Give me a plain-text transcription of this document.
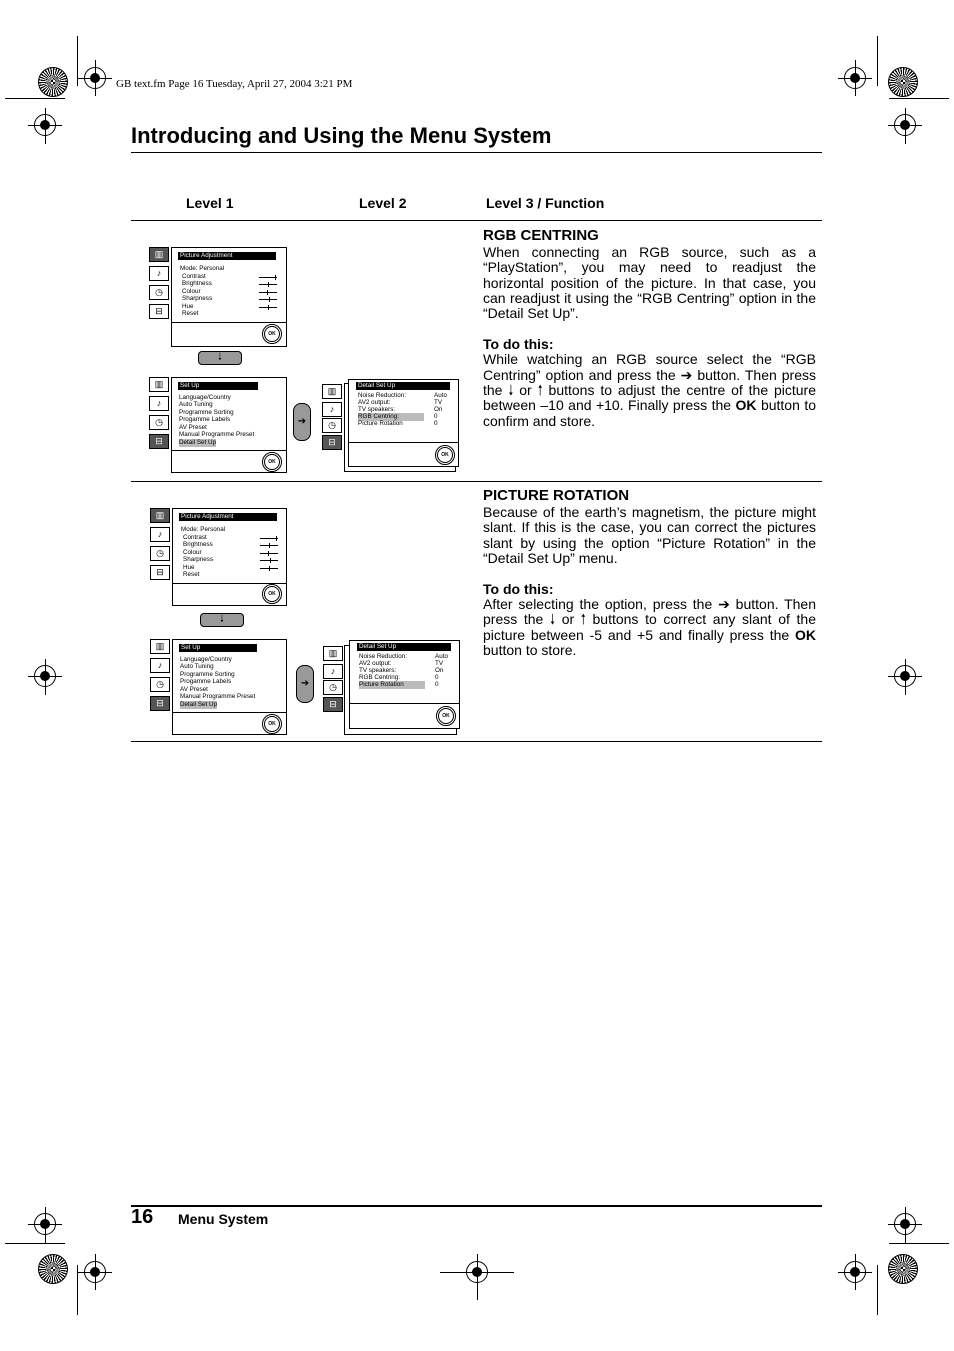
GB text.fm Page 16 Tuesday, April 27, 2004 3:21 PM
Introducing and Using the Menu System
Level 1	Level 2	Level 3 / Function
RGB CENTRING
When connecting an RGB source, such as a “PlayStation”, you may need to readjust the horizontal position of the picture. In that case, you can readjust it using the “RGB Centring” option in the “Detail Set Up”.
To do this:
While watching an RGB source select the “RGB Centring” option and press the ➔ button. Then press the 🠓 or 🠑 buttons to adjust the centre of the picture between –10 and +10. Finally press the OK button to confirm and store.
PICTURE ROTATION
Because of the earth’s magnetism, the picture might slant. If this is the case, you can correct the pictures slant by using the option “Picture Rotation” in the “Detail Set Up” menu.
To do this:
After selecting the option, press the ➔ button. Then press the 🠓 or 🠑 buttons to correct any slant of the picture between -5 and +5 and finally press the OK button to store.
▥
♪
◷
⊟
Picture Adjustment
Mode: Personal
Contrast
Brightness
Colour
Sharpness
Hue
Reset
OK
🠓
▥
♪
◷
⊟
Set Up
Language/Country
Auto Tuning
Programme Sorting
Progamme Labels
AV Preset
Manual Programme Preset
Detail Set Up
OK
➔
▥
♪
◷
⊟
Detail Set Up
Noise Reduction:
AV2 output:
TV speakers:
RGB Centring:
Picture Rotation
Auto
TV
On
0
0
OK
▥
♪
◷
⊟
Picture Adjustment
Mode: Personal
Contrast
Brightness
Colour
Sharpness
Hue
Reset
OK
🠓
▥
♪
◷
⊟
Set Up
Language/Country
Auto Tuning
Programme Sorting
Progamme Labels
AV Preset
Manual Programme Preset
Detail Set Up
OK
➔
▥
♪
◷
⊟
Detail Set Up
Noise Reduction:
AV2 output:
TV speakers:
RGB Centring:
Picture Rotation
Auto
TV
On
0
0
OK
16 Menu System
